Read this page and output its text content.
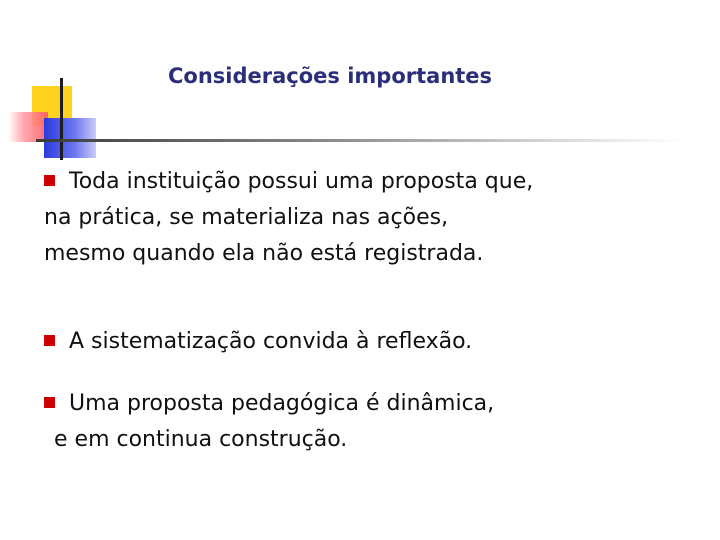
Considerações importantes

Toda instituição possui uma proposta que,
na prática, se materializa nas ações,
mesmo quando ela não está registrada.

A sistematização convida à reflexão.

Uma proposta pedagógica é dinâmica,
e em continua construção.
